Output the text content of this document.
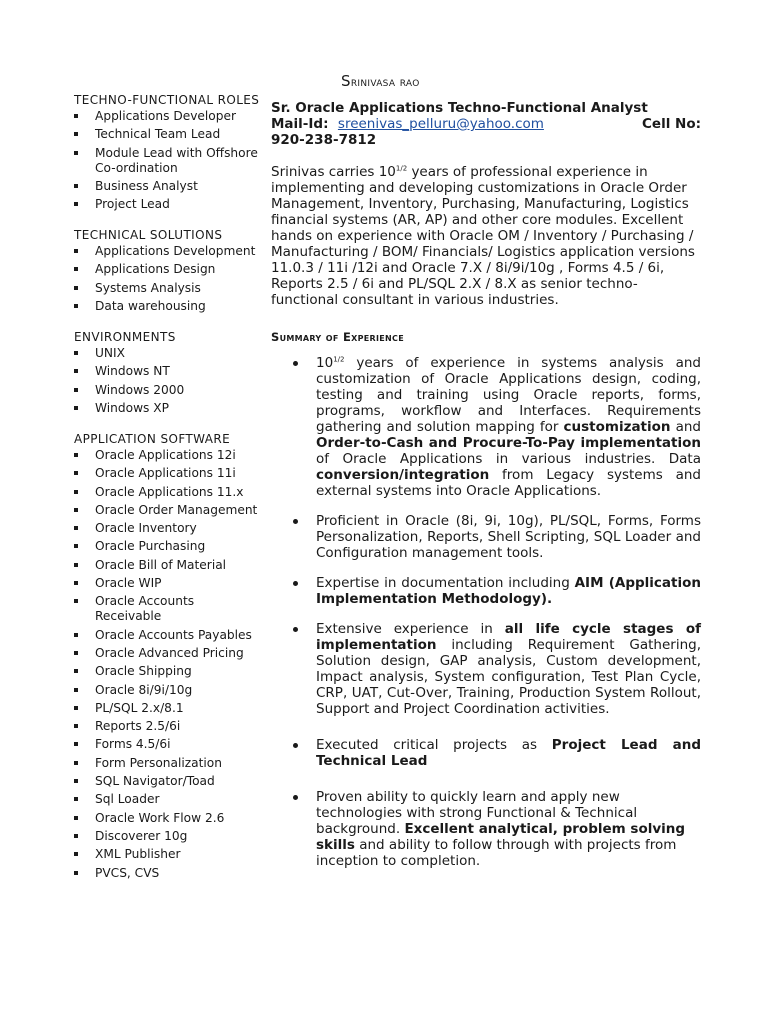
Srinivasa rao
TECHNO-FUNCTIONAL ROLES
Applications Developer
Technical Team Lead
Module Lead with Offshore Co-ordination
Business Analyst
Project Lead
TECHNICAL SOLUTIONS
Applications Development
Applications Design
Systems Analysis
Data warehousing
ENVIRONMENTS
UNIX
Windows NT
Windows 2000
Windows XP
APPLICATION SOFTWARE
Oracle Applications 12i
Oracle Applications 11i
Oracle Applications 11.x
Oracle Order Management
Oracle Inventory
Oracle Purchasing
Oracle Bill of Material
Oracle WIP
Oracle Accounts Receivable
Oracle Accounts Payables
Oracle Advanced Pricing
Oracle Shipping
Oracle 8i/9i/10g
PL/SQL 2.x/8.1
Reports 2.5/6i
Forms 4.5/6i
Form Personalization
SQL Navigator/Toad
Sql Loader
Oracle Work Flow 2.6
Discoverer 10g
XML Publisher
PVCS, CVS
Sr. Oracle Applications Techno-Functional Analyst
Mail-Id: sreenivas_pelluru@yahoo.com	Cell No:
920-238-7812

Srinivas carries $10^{1/2}$ years of professional experience in implementing and developing customizations in Oracle Order Management, Inventory, Purchasing, Manufacturing, Logistics financial systems (AR, AP) and other core modules. Excellent hands on experience with Oracle OM / Inventory / Purchasing / Manufacturing / BOM/ Financials/ Logistics application versions 11.0.3 / 11i /12i and Oracle 7.X / 8i/9i/10g , Forms 4.5 / 6i, Reports 2.5 / 6i and PL/SQL 2.X / 8.X as senior techno-functional consultant in various industries.

Summary of Experience
$10^{1/2}$ years of experience in systems analysis and customization of Oracle Applications design, coding, testing and training using Oracle reports, forms, programs, workflow and Interfaces. Requirements gathering and solution mapping for customization and Order-to-Cash and Procure-To-Pay implementation of Oracle Applications in various industries. Data conversion/integration from Legacy systems and external systems into Oracle Applications.
Proficient in Oracle (8i, 9i, 10g), PL/SQL, Forms, Forms Personalization, Reports, Shell Scripting, SQL Loader and Configuration management tools.
Expertise in documentation including AIM (Application Implementation Methodology).
Extensive experience in all life cycle stages of implementation including Requirement Gathering, Solution design, GAP analysis, Custom development, Impact analysis, System configuration, Test Plan Cycle, CRP, UAT, Cut-Over, Training, Production System Rollout, Support and Project Coordination activities.
Executed critical projects as Project Lead and Technical Lead
Proven ability to quickly learn and apply new technologies with strong Functional & Technical background. Excellent analytical, problem solving skills and ability to follow through with projects from inception to completion.
